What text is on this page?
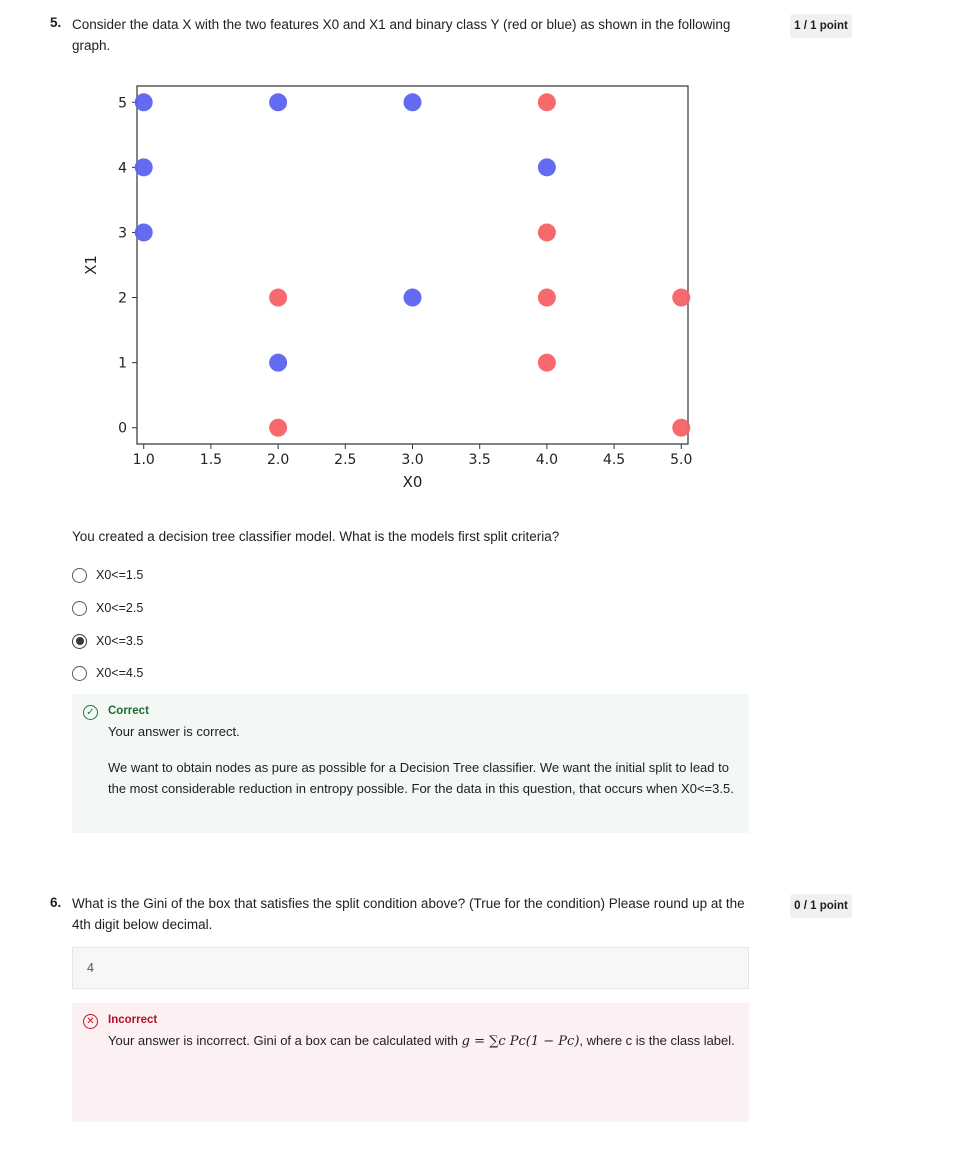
5. Consider the data X with the two features X0 and X1 and binary class Y (red or blue) as shown in the following graph.
1 / 1 point
1.0	1.5	2.0	2.5	3.0	3.5	4.0	4.5	5.0
0
1
2
3
4
5
X0
X1
You created a decision tree classifier model. What is the models first split criteria?
X0<=1.5
X0<=2.5
X0<=3.5
X0<=4.5
✓ Correct
Your answer is correct.
We want to obtain nodes as pure as possible for a Decision Tree classifier. We want the initial split to lead to the most considerable reduction in entropy possible. For the data in this question, that occurs when X0<=3.5.
6. What is the Gini of the box that satisfies the split condition above? (True for the condition) Please round up at the 4th digit below decimal.
0 / 1 point
4
✕ Incorrect
Your answer is incorrect. Gini of a box can be calculated with g = ∑c Pc(1 − Pc), where c is the class label.
